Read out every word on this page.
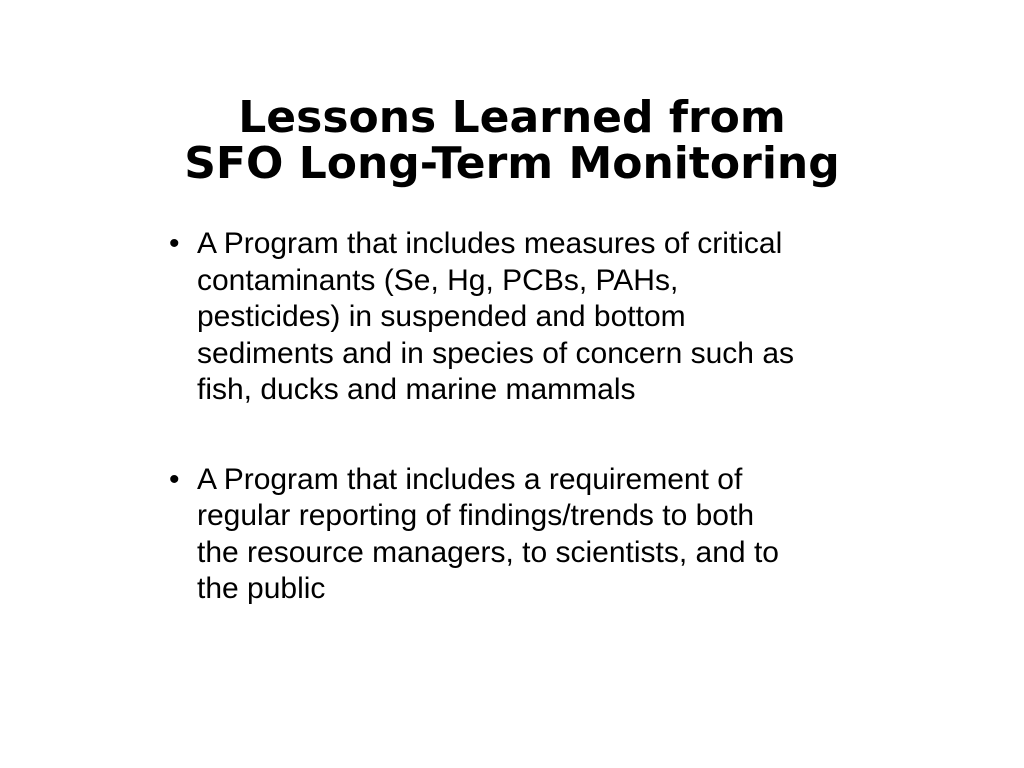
Lessons Learned from
SFO Long-Term Monitoring
• A Program that includes measures of critical
contaminants (Se, Hg, PCBs, PAHs,
pesticides) in suspended and bottom
sediments and in species of concern such as
fish, ducks and marine mammals
• A Program that includes a requirement of
regular reporting of findings/trends to both
the resource managers, to scientists, and to
the public
